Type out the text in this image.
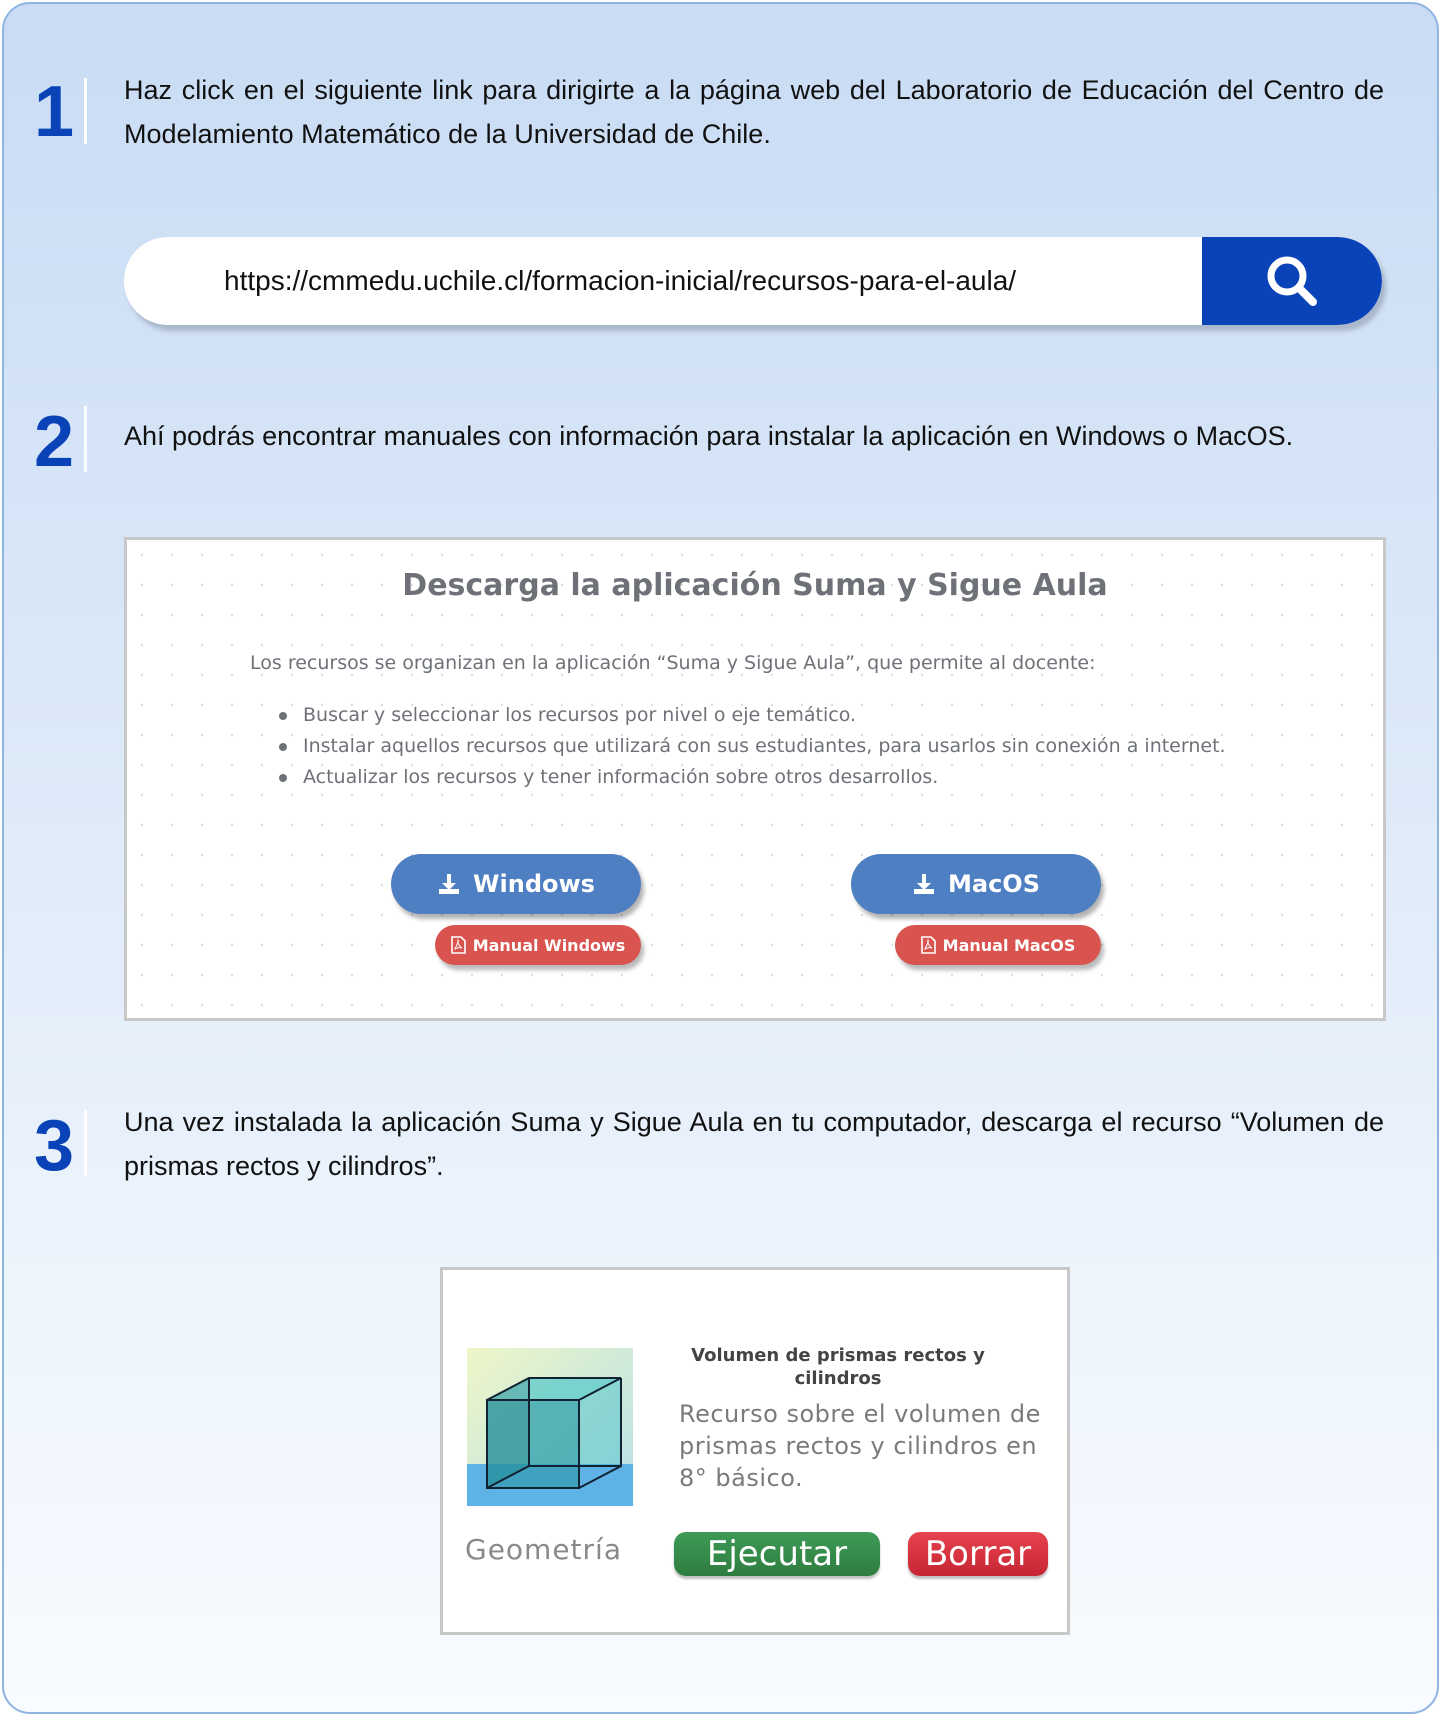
1 Haz click en el siguiente link para dirigirte a la página web del Laboratorio de Educación del Centro de Modelamiento Matemático de la Universidad de Chile.
https://cmmedu.uchile.cl/formacion-inicial/recursos-para-el-aula/
2 Ahí podrás encontrar manuales con información para instalar la aplicación en Windows o MacOS.
Descarga la aplicación Suma y Sigue Aula
Los recursos se organizan en la aplicación “Suma y Sigue Aula”, que permite al docente:
Buscar y seleccionar los recursos por nivel o eje temático.
Instalar aquellos recursos que utilizará con sus estudiantes, para usarlos sin conexión a internet.
Actualizar los recursos y tener información sobre otros desarrollos.
Windows
Manual Windows
MacOS
Manual MacOS
3 Una vez instalada la aplicación Suma y Sigue Aula en tu computador, descarga el recurso “Volumen de prismas rectos y cilindros”.
Volumen de prismas rectos y cilindros
Recurso sobre el volumen de prismas rectos y cilindros en 8° básico.
Geometría	Ejecutar	Borrar
